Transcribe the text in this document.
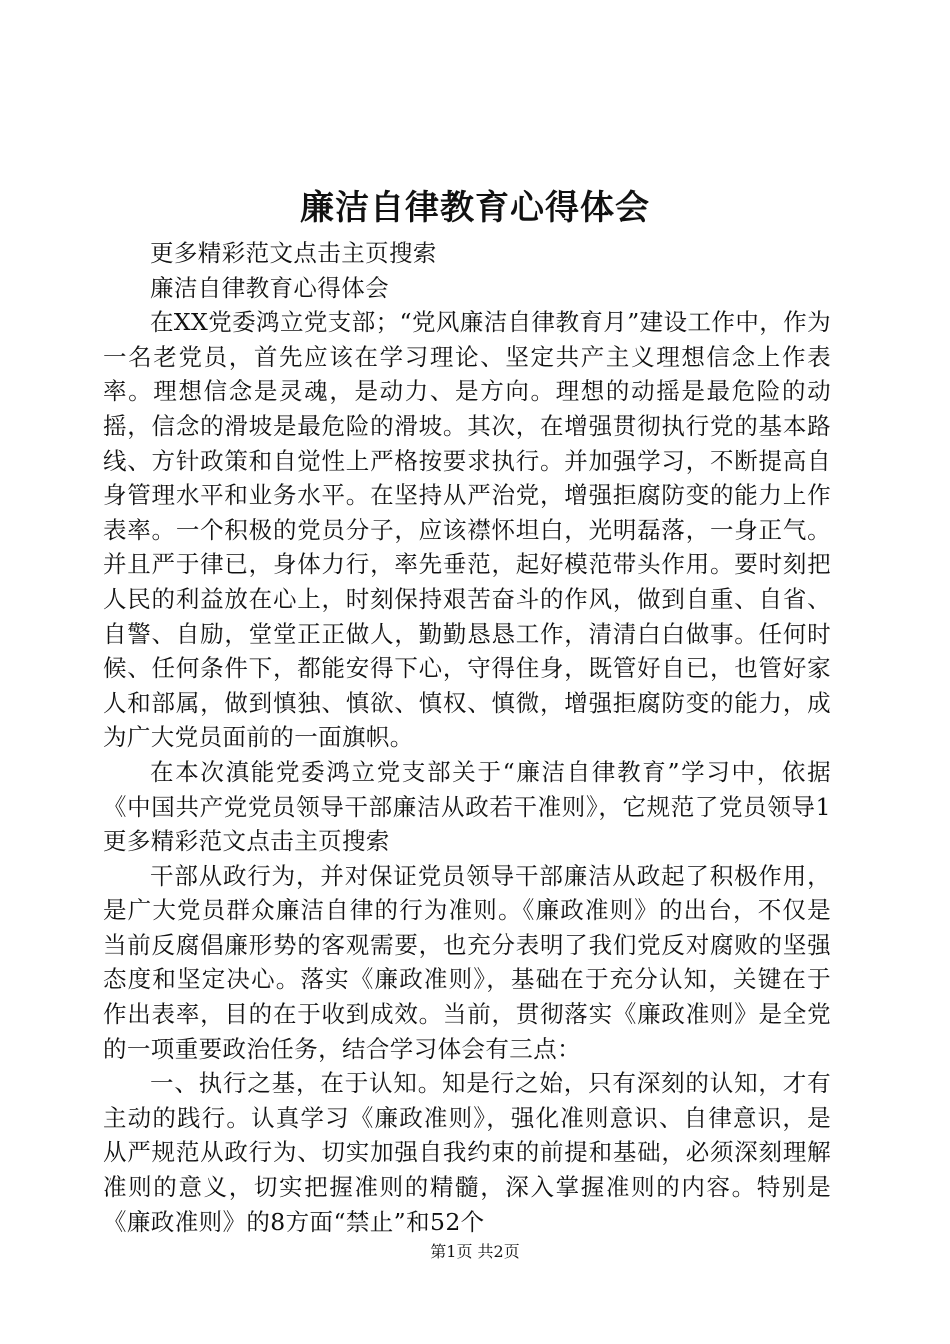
廉洁自律教育心得体会

更多精彩范文点击主页搜索

廉洁自律教育心得体会

在XX党委鸿立党支部；“党风廉洁自律教育月”建设工作中，作为一名老党员，首先应该在学习理论、坚定共产主义理想信念上作表率。理想信念是灵魂，是动力、是方向。理想的动摇是最危险的动摇，信念的滑坡是最危险的滑坡。其次，在增强贯彻执行党的基本路线、方针政策和自觉性上严格按要求执行。并加强学习，不断提高自身管理水平和业务水平。在坚持从严治党，增强拒腐防变的能力上作表率。一个积极的党员分子，应该襟怀坦白，光明磊落，一身正气。并且严于律已，身体力行，率先垂范，起好模范带头作用。要时刻把人民的利益放在心上，时刻保持艰苦奋斗的作风，做到自重、自省、自警、自励，堂堂正正做人，勤勤恳恳工作，清清白白做事。任何时候、任何条件下，都能安得下心，守得住身，既管好自已，也管好家人和部属，做到慎独、慎欲、慎权、慎微，增强拒腐防变的能力，成为广大党员面前的一面旗帜。

在本次滇能党委鸿立党支部关于“廉洁自律教育”学习中，依据《中国共产党党员领导干部廉洁从政若干准则》，它规范了党员领导1更多精彩范文点击主页搜索

干部从政行为，并对保证党员领导干部廉洁从政起了积极作用，是广大党员群众廉洁自律的行为准则。《廉政准则》的出台，不仅是当前反腐倡廉形势的客观需要，也充分表明了我们党反对腐败的坚强态度和坚定决心。落实《廉政准则》，基础在于充分认知，关键在于作出表率，目的在于收到成效。当前，贯彻落实《廉政准则》是全党的一项重要政治任务，结合学习体会有三点：

一、执行之基，在于认知。知是行之始，只有深刻的认知，才有主动的践行。认真学习《廉政准则》，强化准则意识、自律意识，是从严规范从政行为、切实加强自我约束的前提和基础，必须深刻理解准则的意义，切实把握准则的精髓，深入掌握准则的内容。特别是《廉政准则》的8方面“禁止”和52个

第1页 共2页
